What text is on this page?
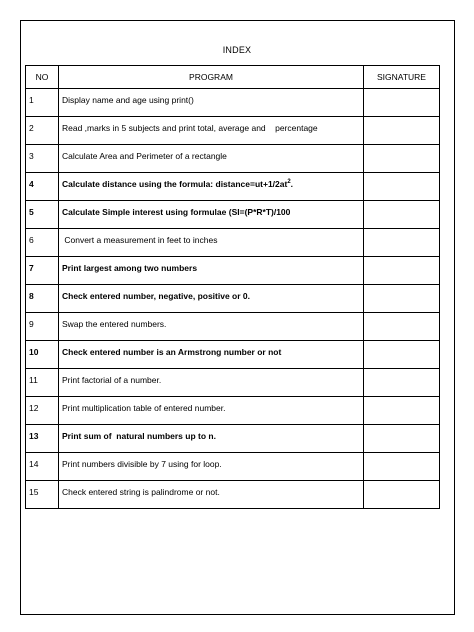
INDEX
NO	PROGRAM	SIGNATURE
1	Display name and age using print()	
2	Read ,marks in 5 subjects and print total, average and    percentage	
3	Calculate Area and Perimeter of a rectangle	
4	Calculate distance using the formula: $distance=ut+1/2at^2$.	
5	Calculate Simple interest using formulae (SI=(P*R*T)/100	
6	Convert a measurement in feet to inches	
7	Print largest among two numbers	
8	Check entered number, negative, positive or 0.	
9	Swap the entered numbers.	
10	Check entered number is an Armstrong number or not	
11	Print factorial of a number.	
12	Print multiplication table of entered number.	
13	Print sum of  natural numbers up to n.	
14	Print numbers divisible by 7 using for loop.	
15	Check entered string is palindrome or not.	
